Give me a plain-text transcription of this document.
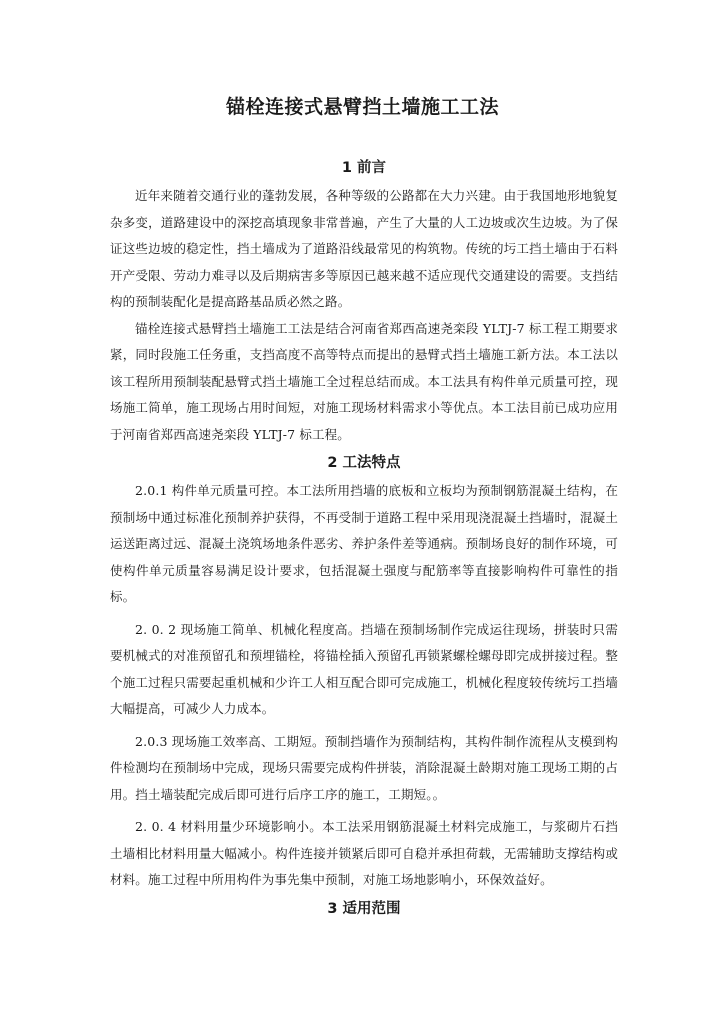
锚栓连接式悬臂挡土墙施工工法
1 前言

近年来随着交通行业的蓬勃发展，各种等级的公路都在大力兴建。由于我国地形地貌复杂多变，道路建设中的深挖高填现象非常普遍，产生了大量的人工边坡或次生边坡。为了保证这些边坡的稳定性，挡土墙成为了道路沿线最常见的构筑物。传统的圬工挡土墙由于石料开产受限、劳动力难寻以及后期病害多等原因已越来越不适应现代交通建设的需要。支挡结构的预制装配化是提高路基品质必然之路。

锚栓连接式悬臂挡土墙施工工法是结合河南省郑西高速尧栾段 YLTJ-7 标工程工期要求紧，同时段施工任务重，支挡高度不高等特点而提出的悬臂式挡土墙施工新方法。本工法以该工程所用预制装配悬臂式挡土墙施工全过程总结而成。本工法具有构件单元质量可控，现场施工简单，施工现场占用时间短，对施工现场材料需求小等优点。本工法目前已成功应用于河南省郑西高速尧栾段 YLTJ-7 标工程。

2 工法特点

2.0.1 构件单元质量可控。本工法所用挡墙的底板和立板均为预制钢筋混凝土结构，在预制场中通过标准化预制养护获得，不再受制于道路工程中采用现浇混凝土挡墙时，混凝土运送距离过远、混凝土浇筑场地条件恶劣、养护条件差等通病。预制场良好的制作环境，可使构件单元质量容易满足设计要求，包括混凝土强度与配筋率等直接影响构件可靠性的指标。

2. 0. 2 现场施工简单、机械化程度高。挡墙在预制场制作完成运往现场，拼装时只需要机械式的对准预留孔和预埋锚栓，将锚栓插入预留孔再锁紧螺栓螺母即完成拼接过程。整个施工过程只需要起重机械和少许工人相互配合即可完成施工，机械化程度较传统圬工挡墙大幅提高，可减少人力成本。

2.0.3 现场施工效率高、工期短。预制挡墙作为预制结构，其构件制作流程从支模到构件检测均在预制场中完成，现场只需要完成构件拼装，消除混凝土龄期对施工现场工期的占用。挡土墙装配完成后即可进行后序工序的施工，工期短。。

2. 0. 4 材料用量少环境影响小。本工法采用钢筋混凝土材料完成施工，与浆砌片石挡土墙相比材料用量大幅减小。构件连接并锁紧后即可自稳并承担荷载，无需辅助支撑结构或材料。施工过程中所用构件为事先集中预制，对施工场地影响小，环保效益好。

3 适用范围
